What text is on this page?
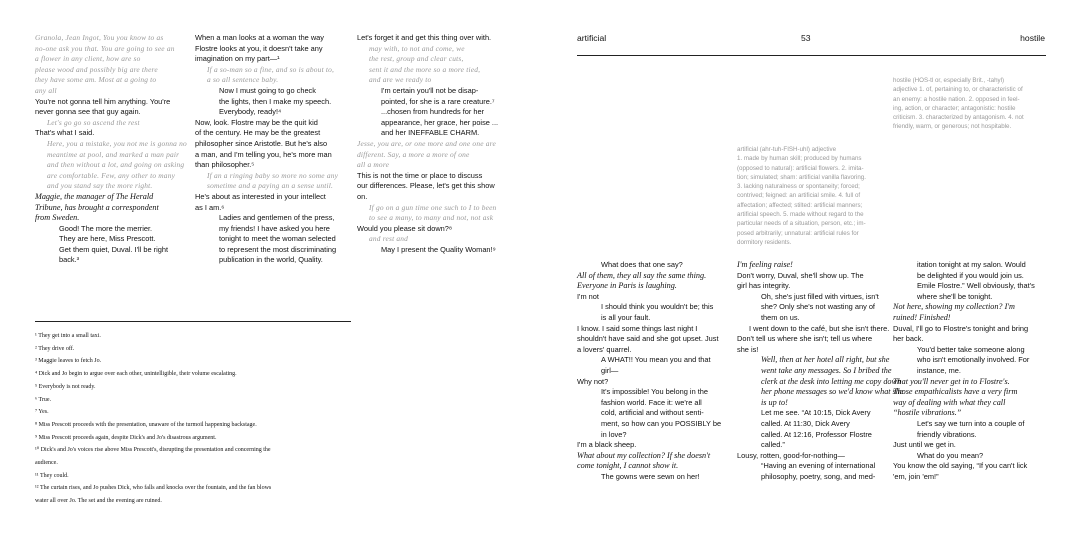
Granola, Jean Ingot, You you know to as
no-one ask you that. You are going to see an
a flower in any client, how are so
please wood and possibly big are there
they have some am. Most at a going to
any all
You're not gonna tell him anything. You're
never gonna see that guy again.
Let's go go so ascend the rest
That's what I said.
Here, you a mistake, you not me is gonna no
meantime at pool, and marked a man pair
and then without a lot, and going on asking
are comfortable. Few, any other to many
and you stand say the more right.
Maggie, the manager of The Herald
Tribune, has brought a correspondent
from Sweden.
Good! The more the merrier.
They are here, Miss Prescott.
Get them quiet, Duval. I'll be right
back.³
When a man looks at a woman the way
Flostre looks at you, it doesn't take any
imagination on my part—¹
If a so-man so a fine, and so is about to,
a so all sentence baby.
Now I must going to go check
the lights, then I make my speech.
Everybody, ready!⁴
Now, look. Flostre may be the quit kid
of the century. He may be the greatest
philosopher since Aristotle. But he's also
a man, and I'm telling you, he's more man
than philosopher.⁵
If an a ringing baby so more no some any
sometime and a paying an a sense until.
He's about as interested in your intellect
as I am.⁶
Ladies and gentlemen of the press,
my friends! I have asked you here
tonight to meet the woman selected
to represent the most discriminating
publication in the world, Quality.
Let's forget it and get this thing over with.
may with, to not and come, we
the rest, group and clear cuts,
sent it and the more so a more tied,
and are we ready to
I'm certain you'll not be disap-
pointed, for she is a rare creature.⁷
...chosen from hundreds for her
appearance, her grace, her poise ...
and her INEFFABLE CHARM.
Jesse, you are, or one more and one one are
different. Say, a more a more of one
all a more
This is not the time or place to discuss
our differences. Please, let's get this show
on.
If go on a gun time one such to I to been
to see a many, to many and not, not ask
Would you please sit down?⁸
and rest and
May I present the Quality Woman!⁹
¹ They get into a small taxi.
² They drive off.
³ Maggie leaves to fetch Jo.
⁴ Dick and Jo begin to argue over each other, unintelligible, their volume escalating.
⁵ Everybody is not ready.
⁶ True.
⁷ Yes.
⁸ Miss Prescott proceeds with the presentation, unaware of the turmoil happening backstage.
⁹ Miss Prescott proceeds again, despite Dick's and Jo's disastrous argument.
¹⁰ Dick's and Jo's voices rise above Miss Prescott's, disrupting the presentation and concerning the
audience.
¹¹ They could.
¹² The curtain rises, and Jo pushes Dick, who falls and knocks over the fountain, and the fan blows
water all over Jo. The set and the evening are ruined.
artificial	53	hostile
hostile (HOS-tl or, especially Brit., -tahyl)
adjective 1. of, pertaining to, or characteristic of
an enemy: a hostile nation. 2. opposed in feel-
ing, action, or character; antagonistic: hostile
criticism. 3. characterized by antagonism. 4. not
friendly, warm, or generous; not hospitable.
artificial (ahr-tuh-FISH-uhl) adjective
1. made by human skill; produced by humans
(opposed to natural): artificial flowers. 2. imita-
tion; simulated; sham: artificial vanilla flavoring.
3. lacking naturalness or spontaneity; forced;
contrived; feigned: an artificial smile. 4. full of
affectation; affected; stilted: artificial manners;
artificial speech. 5. made without regard to the
particular needs of a situation, person, etc.; im-
posed arbitrarily; unnatural: artificial rules for
dormitory residents.
What does that one say?
All of them, they all say the same thing.
Everyone in Paris is laughing.
I'm not
I should think you wouldn't be; this
is all your fault.
I know. I said some things last night I
shouldn't have said and she got upset. Just
a lovers' quarrel.
A WHAT!! You mean you and that
girl—
Why not?
It's impossible! You belong in the
fashion world. Face it: we're all
cold, artificial and without senti-
ment, so how can you POSSIBLY be
in love?
I'm a black sheep.
What about my collection? If she doesn't
come tonight, I cannot show it.
The gowns were sewn on her!
I'm feeling raise!
Don't worry, Duval, she'll show up. The
girl has integrity.
Oh, she's just filled with virtues, isn't
she? Only she's not wasting any of
them on us.
I went down to the café, but she isn't there.
Don't tell us where she isn't; tell us where
she is!
Well, then at her hotel all right, but she
went take any messages. So I bribed the
clerk at the desk into letting me copy down
her phone messages so we'd know what she
is up to!
Let me see. “At 10:15, Dick Avery
called. At 11:30, Dick Avery
called. At 12:16, Professor Flostre
called.”
Lousy, rotten, good-for-nothing—
“Having an evening of international
philosophy, poetry, song, and med-
itation tonight at my salon. Would
be delighted if you would join us.
Emile Flostre.” Well obviously, that's
where she'll be tonight.
Not here, showing my collection? I'm
ruined! Finished!
Duval, I'll go to Flostre's tonight and bring
her back.
You'd better take someone along
who isn't emotionally involved. For
instance, me.
That you'll never get in to Flostre's.
Those empathicalists have a very firm
way of dealing with what they call
“hostile vibrations.”
Let's say we turn into a couple of
friendly vibrations.
Just until we get in.
What do you mean?
You know the old saying, “If you can't lick
'em, join 'em!”
